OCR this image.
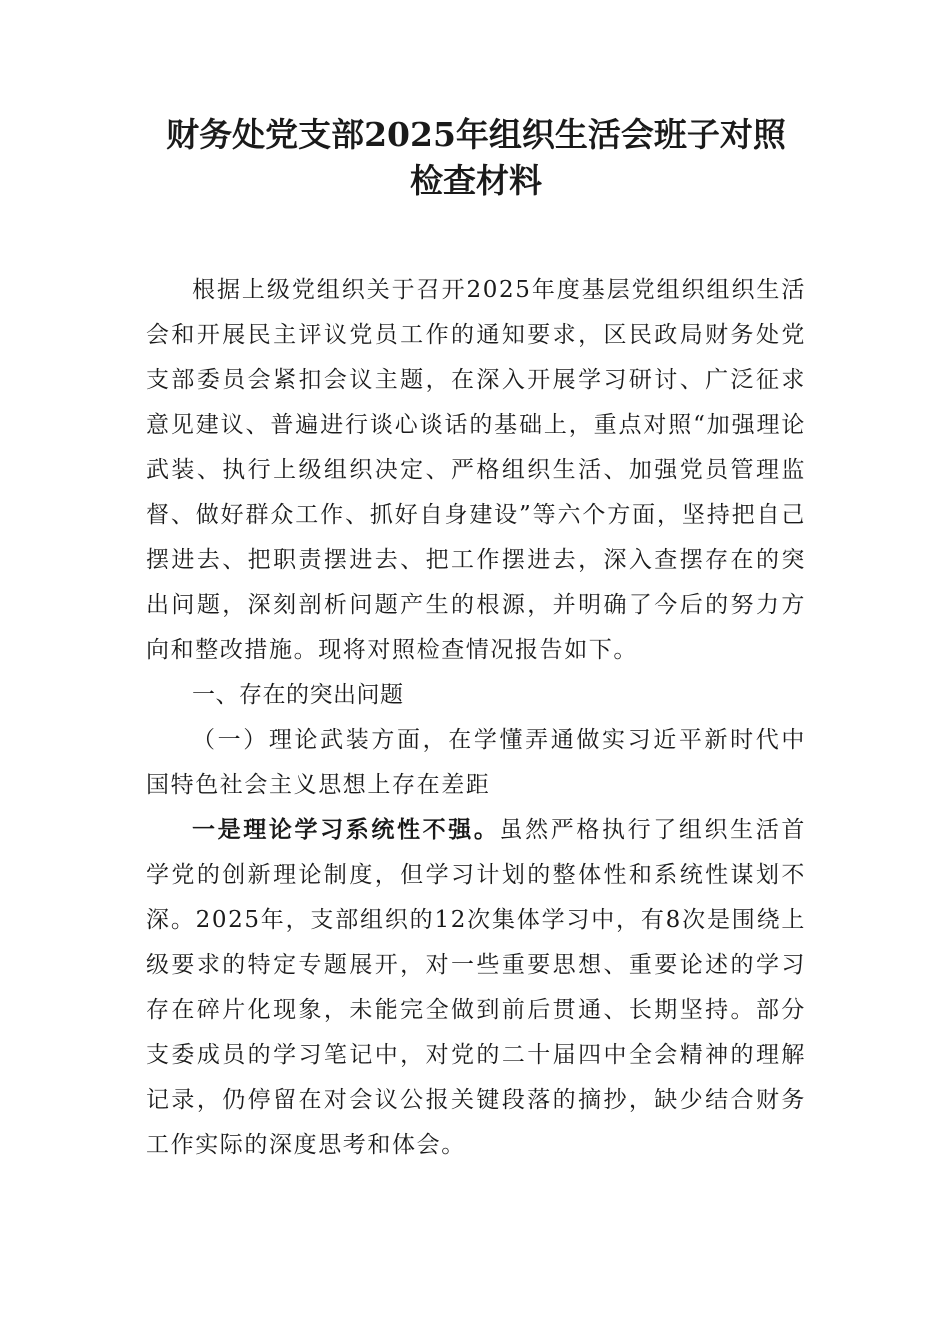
财务处党支部2025年组织生活会班子对照
检查材料

根据上级党组织关于召开2025年度基层党组织组织生活会和开展民主评议党员工作的通知要求，区民政局财务处党支部委员会紧扣会议主题，在深入开展学习研讨、广泛征求意见建议、普遍进行谈心谈话的基础上，重点对照“加强理论武装、执行上级组织决定、严格组织生活、加强党员管理监督、做好群众工作、抓好自身建设”等六个方面，坚持把自己摆进去、把职责摆进去、把工作摆进去，深入查摆存在的突出问题，深刻剖析问题产生的根源，并明确了今后的努力方向和整改措施。现将对照检查情况报告如下。

一、存在的突出问题

（一）理论武装方面，在学懂弄通做实习近平新时代中国特色社会主义思想上存在差距

一是理论学习系统性不强。虽然严格执行了组织生活首学党的创新理论制度，但学习计划的整体性和系统性谋划不深。2025年，支部组织的12次集体学习中，有8次是围绕上级要求的特定专题展开，对一些重要思想、重要论述的学习存在碎片化现象，未能完全做到前后贯通、长期坚持。部分支委成员的学习笔记中，对党的二十届四中全会精神的理解记录，仍停留在对会议公报关键段落的摘抄，缺少结合财务工作实际的深度思考和体会。
